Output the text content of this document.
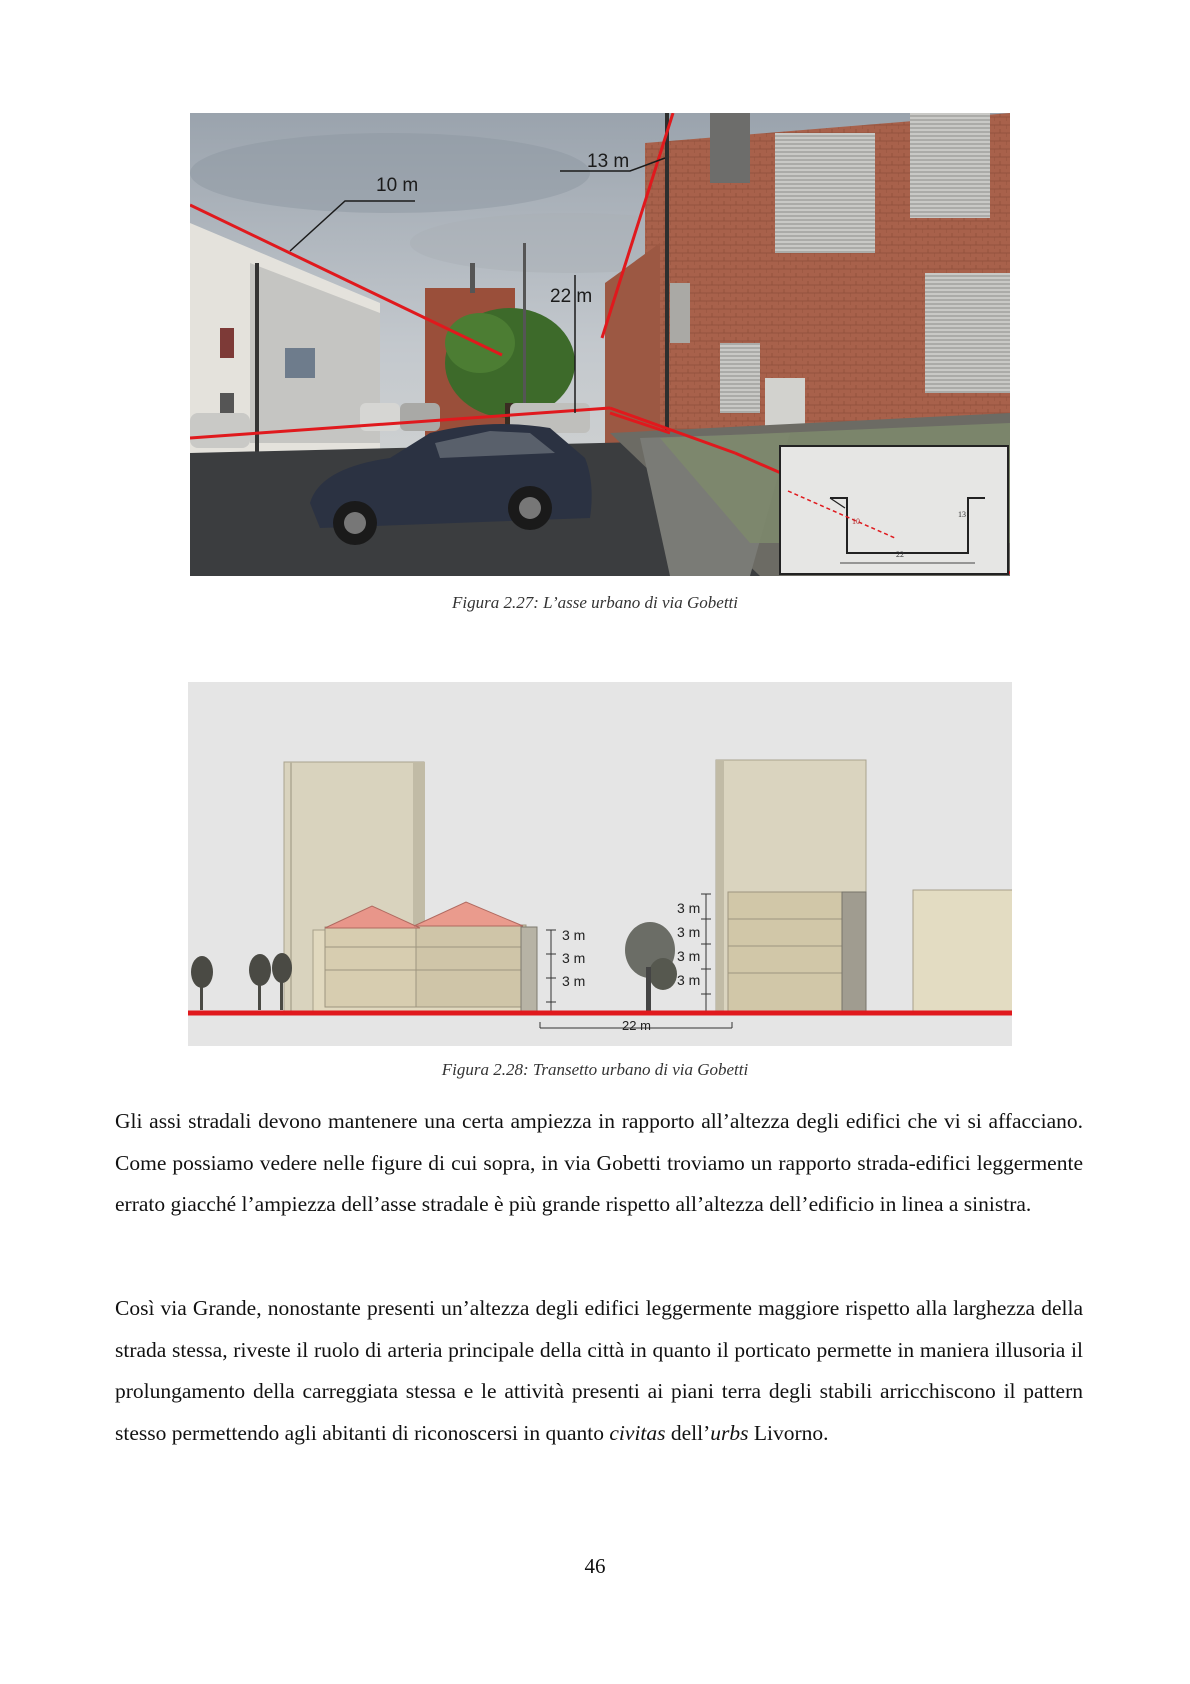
10 m
13 m
22 m
10
13
22
Figura 2.27: L’asse urbano di via Gobetti
3 m
3 m
3 m
3 m
3 m
3 m
3 m
22 m
Figura 2.28: Transetto urbano di via Gobetti

Gli assi stradali devono mantenere una certa ampiezza in rapporto all’altezza degli edifici che vi si affacciano. Come possiamo vedere nelle figure di cui sopra, in via Gobetti troviamo un rapporto strada-edifici leggermente errato giacché l’ampiezza dell’asse stradale è più grande rispetto all’altezza dell’edificio in linea a sinistra.

Così via Grande, nonostante presenti un’altezza degli edifici leggermente maggiore rispetto alla larghezza della strada stessa, riveste il ruolo di arteria principale della città in quanto il porticato permette in maniera illusoria il prolungamento della carreggiata stessa e le attività presenti ai piani terra degli stabili arricchiscono il pattern stesso permettendo agli abitanti di riconoscersi in quanto civitas dell’urbs Livorno.

46
